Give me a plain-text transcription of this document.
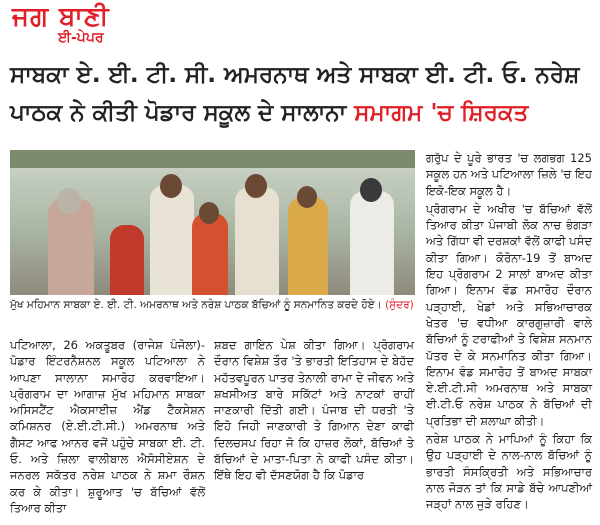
ਜਗ ਬਾਣੀ
ਈ-ਪੇਪਰ
ਸਾਬਕਾ ਏ. ਈ. ਟੀ. ਸੀ. ਅਮਰਨਾਥ ਅਤੇ ਸਾਬਕਾ ਈ. ਟੀ. ਓ. ਨਰੇਸ਼ ਪਾਠਕ ਨੇ ਕੀਤੀ ਪੋਡਾਰ ਸਕੂਲ ਦੇ ਸਾਲਾਨਾ ਸਮਾਗਮ 'ਚ ਸ਼ਿਰਕਤ
ਮੁੱਖ ਮਹਿਮਾਨ ਸਾਬਕਾ ਏ. ਈ. ਟੀ. ਅਮਰਨਾਥ ਅਤੇ ਨਰੇਸ਼ ਪਾਠਕ ਬੱਚਿਆਂ ਨੂੰ ਸਨਮਾਨਿਤ ਕਰਦੇ ਹੋਏ। (ਸੁੰਦਰ)

ਪਟਿਆਲਾ, 26 ਅਕਤੂਬਰ (ਰਾਜੇਸ਼ ਪੰਜੋਲਾ)- ਪੋਡਾਰ ਇੰਟਰਨੈਸ਼ਨਲ ਸਕੂਲ ਪਟਿਆਲਾ ਨੇ ਆਪਣਾ ਸਾਲਾਨਾ ਸਮਾਰੋਹ ਕਰਵਾਇਆ। ਪ੍ਰੋਗਰਾਮ ਦਾ ਆਗਾਜ਼ ਮੁੱਖ ਮਹਿਮਾਨ ਸਾਬਕਾ ਅਸਿਸਟੈਂਟ ਐਕਸਾਈਜ਼ ਐਂਡ ਟੈਕਸੇਸ਼ਨ ਕਮਿਸ਼ਨਰ (ਏ.ਈ.ਟੀ.ਸੀ.) ਅਮਰਨਾਥ ਅਤੇ ਗੈਸਟ ਆਫ ਆਨਰ ਵਜੋਂ ਪਹੁੰਚੇ ਸਾਬਕਾ ਈ. ਟੀ. ਓ. ਅਤੇ ਜ਼ਿਲਾ ਵਾਲੀਬਾਲ ਐਸੋਸੀਏਸ਼ਨ ਦੇ ਜਨਰਲ ਸਕੱਤਰ ਨਰੇਸ਼ ਪਾਠਕ ਨੇ ਸ਼ਮਾ ਰੌਸ਼ਨ ਕਰ ਕੇ ਕੀਤਾ। ਸ਼ੁਰੂਆਤ 'ਚ ਬੱਚਿਆਂ ਵੱਲੋਂ ਤਿਆਰ ਕੀਤਾ

ਸ਼ਬਦ ਗਾਇਨ ਪੇਸ਼ ਕੀਤਾ ਗਿਆ। ਪ੍ਰੋਗਰਾਮ ਦੌਰਾਨ ਵਿਸ਼ੇਸ਼ ਤੌਰ 'ਤੇ ਭਾਰਤੀ ਇਤਿਹਾਸ ਦੇ ਬੇਹੱਦ ਮਹੱਤਵਪੂਰਨ ਪਾਤਰ ਤੇਨਾਲੀ ਰਾਮਾ ਦੇ ਜੀਵਨ ਅਤੇ ਸ਼ਖਸੀਅਤ ਬਾਰੇ ਸਕਿੱਟਾਂ ਅਤੇ ਨਾਟਕਾਂ ਰਾਹੀਂ ਜਾਣਕਾਰੀ ਦਿੱਤੀ ਗਈ। ਪੰਜਾਬ ਦੀ ਧਰਤੀ 'ਤੇ ਇਹੋ ਜਿਹੀ ਜਾਣਕਾਰੀ ਤੇ ਗਿਆਨ ਦੇਣਾ ਕਾਫੀ ਦਿਲਚਸਪ ਰਿਹਾ ਜੋ ਕਿ ਹਾਜ਼ਰ ਲੋਕਾਂ, ਬੱਚਿਆਂ ਤੇ ਬੱਚਿਆਂ ਦੇ ਮਾਤਾ-ਪਿਤਾ ਨੇ ਕਾਫੀ ਪਸੰਦ ਕੀਤਾ। ਇੱਥੇ ਇਹ ਵੀ ਦੱਸਣਯੋਗ ਹੈ ਕਿ ਪੋਡਾਰ

ਗਰੁੱਪ ਦੇ ਪੂਰੇ ਭਾਰਤ 'ਚ ਲਗਭਗ 125 ਸਕੂਲ ਹਨ ਅਤੇ ਪਟਿਆਲਾ ਜ਼ਿਲੇ 'ਚ ਇਹ ਇਕੋ-ਇਕ ਸਕੂਲ ਹੈ।

ਪ੍ਰੋਗਰਾਮ ਦੇ ਅਖੀਰ 'ਚ ਬੱਚਿਆਂ ਵੱਲੋਂ ਤਿਆਰ ਕੀਤਾ ਪੰਜਾਬੀ ਲੋਕ ਨਾਚ ਭੰਗੜਾ ਅਤੇ ਗਿੱਧਾ ਵੀ ਦਰਸ਼ਕਾਂ ਵੱਲੋਂ ਕਾਫੀ ਪਸੰਦ ਕੀਤਾ ਗਿਆ। ਕੋਰੋਨਾ-19 ਤੋਂ ਬਾਅਦ ਇਹ ਪ੍ਰੋਗਰਾਮ 2 ਸਾਲਾਂ ਬਾਅਦ ਕੀਤਾ ਗਿਆ। ਇਨਾਮ ਵੰਡ ਸਮਾਰੋਹ ਦੌਰਾਨ ਪੜ੍ਹਾਈ, ਖੇਡਾਂ ਅਤੇ ਸਭਿਆਚਾਰਕ ਖੇਤਰ 'ਚ ਵਧੀਆ ਕਾਰਗੁਜ਼ਾਰੀ ਵਾਲੇ ਬੱਚਿਆਂ ਨੂੰ ਟਰਾਫੀਆਂ ਤੇ ਵਿਸ਼ੇਸ਼ ਸਨਮਾਨ ਪੱਤਰ ਦੇ ਕੇ ਸਨਮਾਨਿਤ ਕੀਤਾ ਗਿਆ। ਇਨਾਮ ਵੰਡ ਸਮਾਰੋਹ ਤੋਂ ਬਾਅਦ ਸਾਬਕਾ ਏ.ਈ.ਟੀ.ਸੀ ਅਮਰਨਾਥ ਅਤੇ ਸਾਬਕਾ ਈ.ਟੀ.ਓ ਨਰੇਸ਼ ਪਾਠਕ ਨੇ ਬੱਚਿਆਂ ਦੀ ਪ੍ਰਤਿਭਾ ਦੀ ਸ਼ਲਾਘਾ ਕੀਤੀ।

ਨਰੇਸ਼ ਪਾਠਕ ਨੇ ਮਾਪਿਆਂ ਨੂੰ ਕਿਹਾ ਕਿ ਉਹ ਪੜ੍ਹਾਈ ਦੇ ਨਾਲ-ਨਾਲ ਬੱਚਿਆਂ ਨੂੰ ਭਾਰਤੀ ਸੰਸਕ੍ਰਿਤੀ ਅਤੇ ਸਭਿਆਚਾਰ ਨਾਲ ਜੋੜਨ ਤਾਂ ਕਿ ਸਾਡੇ ਬੱਚੇ ਆਪਣੀਆਂ ਜੜ੍ਹਾਂ ਨਾਲ ਜੁੜੇ ਰਹਿਣ।
